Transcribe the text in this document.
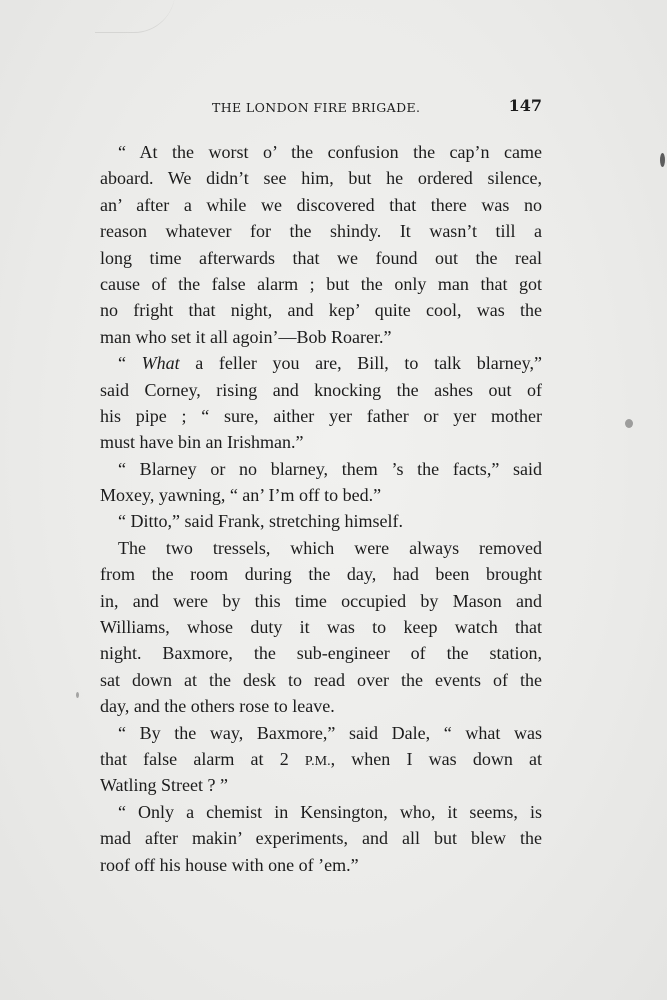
THE LONDON FIRE BRIGADE.	147
“ At the worst o’ the confusion the cap’n came
aboard. We didn’t see him, but he ordered silence,
an’ after a while we discovered that there was no
reason whatever for the shindy. It wasn’t till a
long time afterwards that we found out the real
cause of the false alarm ; but the only man that got
no fright that night, and kep’ quite cool, was the
man who set it all agoin’—Bob Roarer.”
“ What a feller you are, Bill, to talk blarney,”
said Corney, rising and knocking the ashes out of
his pipe ; “ sure, aither yer father or yer mother
must have bin an Irishman.”
“ Blarney or no blarney, them ’s the facts,” said
Moxey, yawning, “ an’ I’m off to bed.”
“ Ditto,” said Frank, stretching himself.
The two tressels, which were always removed
from the room during the day, had been brought
in, and were by this time occupied by Mason and
Williams, whose duty it was to keep watch that
night. Baxmore, the sub-engineer of the station,
sat down at the desk to read over the events of the
day, and the others rose to leave.
“ By the way, Baxmore,” said Dale, “ what was
that false alarm at 2 P.M., when I was down at
Watling Street ? ”
“ Only a chemist in Kensington, who, it seems, is
mad after makin’ experiments, and all but blew the
roof off his house with one of ’em.”
